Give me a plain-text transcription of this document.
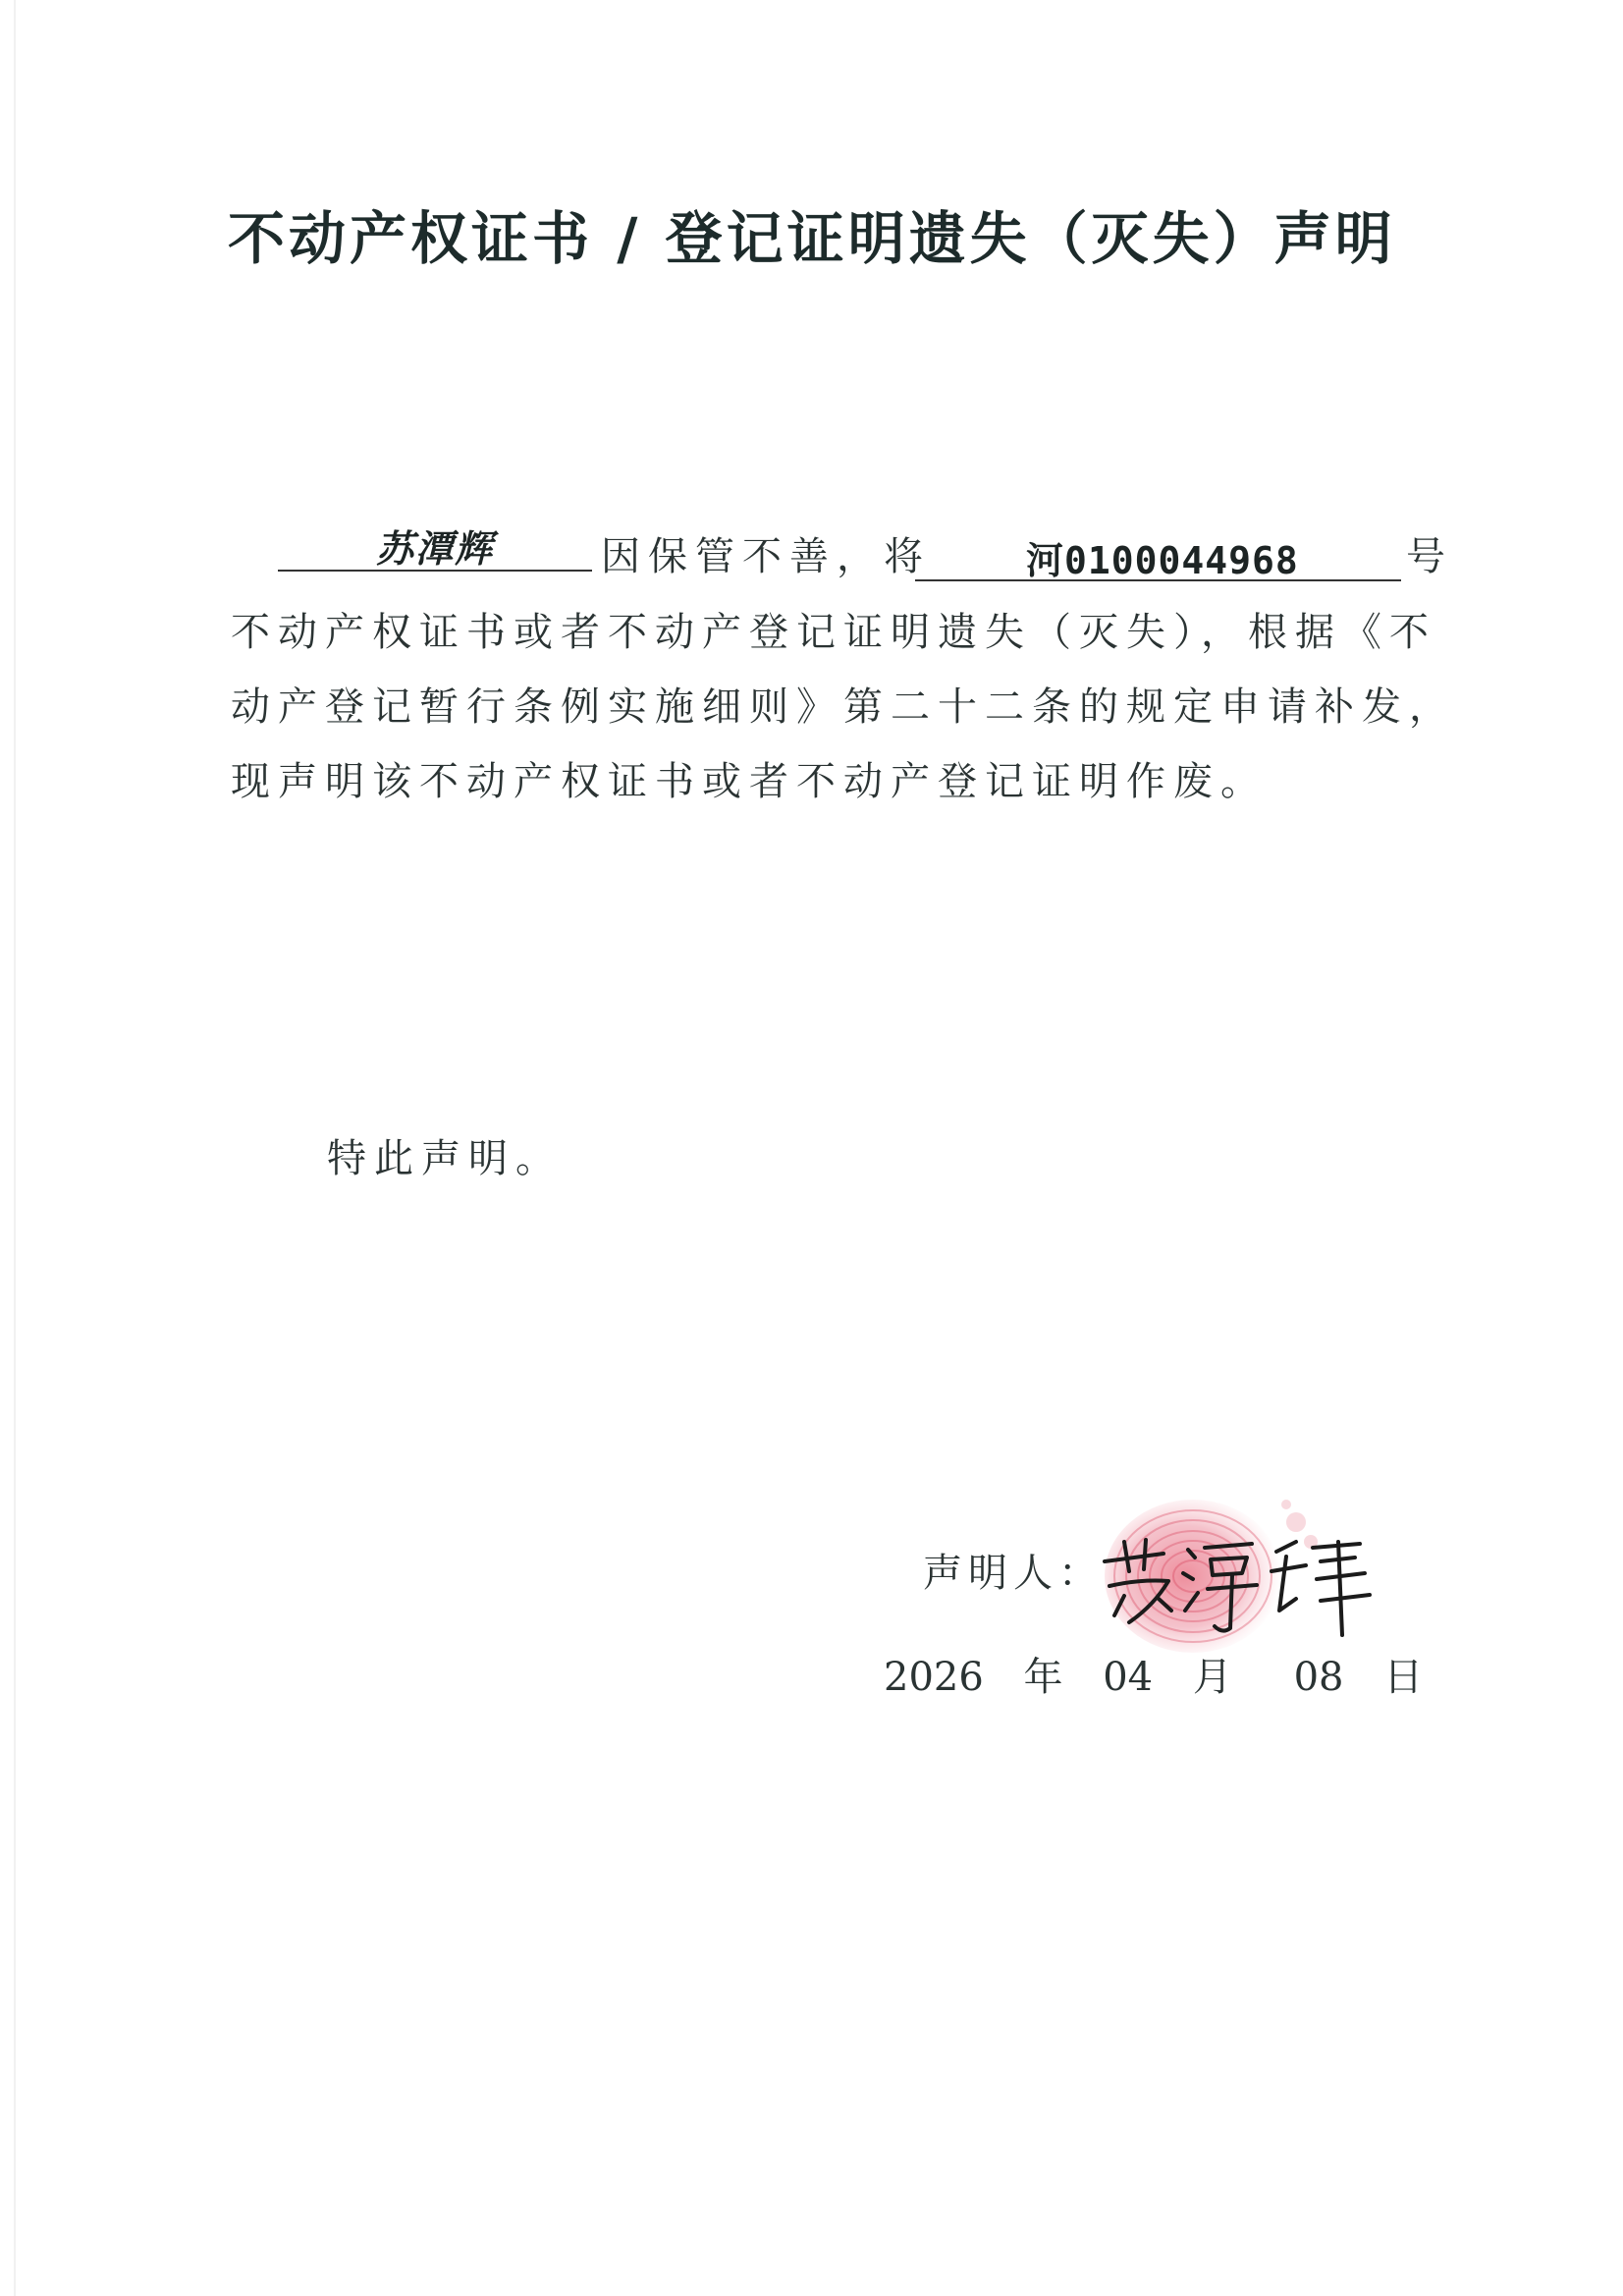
不动产权证书 / 登记证明遗失（灭失）声明
苏潭辉	因保管不善，将	河0100044968	号
不动产权证书或者不动产登记证明遗失（灭失），根据《不
动产登记暂行条例实施细则》第二十二条的规定申请补发，
现声明该不动产权证书或者不动产登记证明作废。
特此声明。
声明人：
2026 年 04 月 08 日
